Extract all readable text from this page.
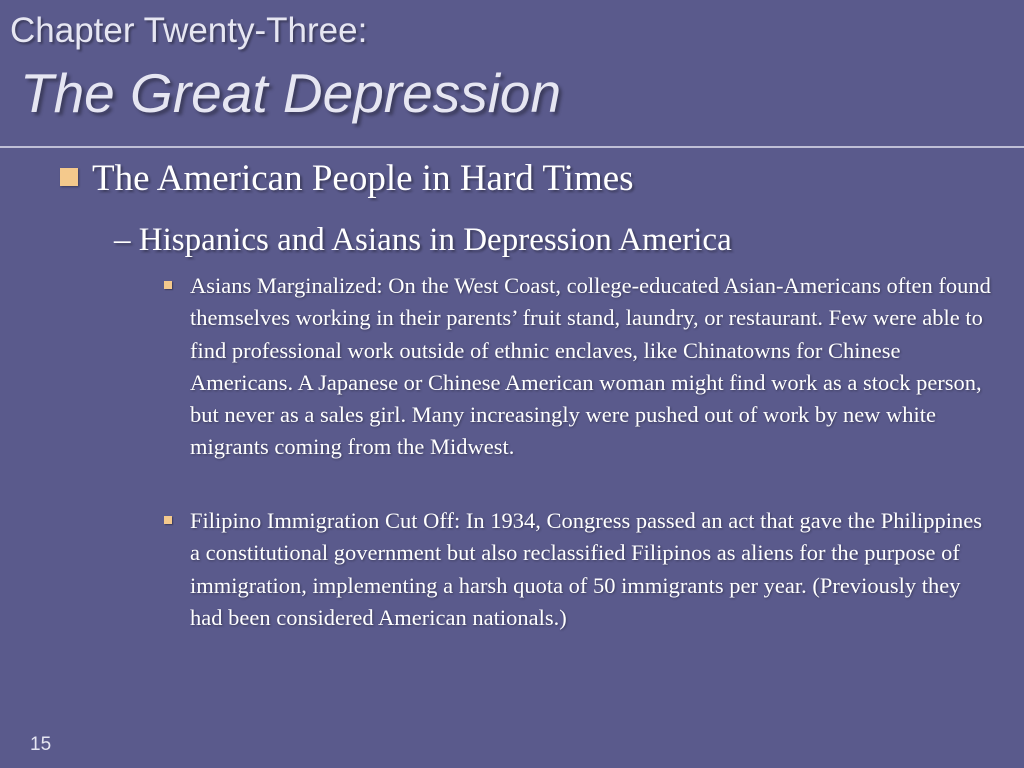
Chapter Twenty-Three:
The Great Depression
The American People in Hard Times
– Hispanics and Asians in Depression America
Asians Marginalized: On the West Coast, college-educated Asian-Americans often found themselves working in their parents’ fruit stand, laundry, or restaurant. Few were able to find professional work outside of ethnic enclaves, like Chinatowns for Chinese Americans. A Japanese or Chinese American woman might find work as a stock person, but never as a sales girl. Many increasingly were pushed out of work by new white migrants coming from the Midwest.
Filipino Immigration Cut Off: In 1934, Congress passed an act that gave the Philippines a constitutional government but also reclassified Filipinos as aliens for the purpose of immigration, implementing a harsh quota of 50 immigrants per year. (Previously they had been considered American nationals.)
15
